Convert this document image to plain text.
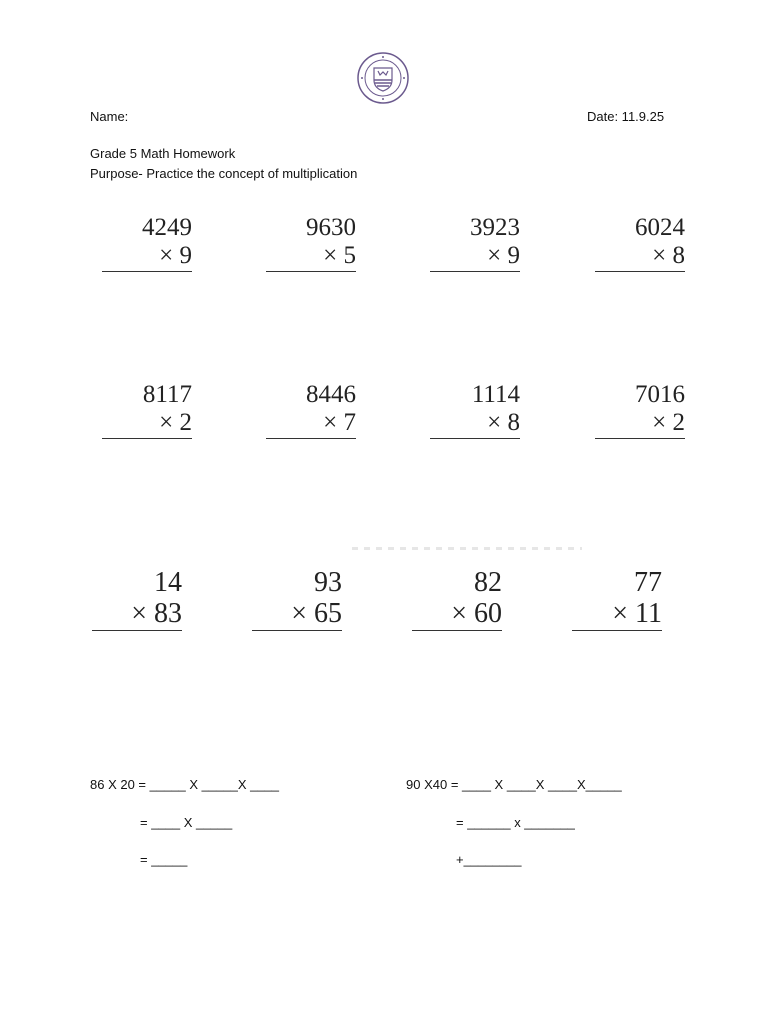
Name:	Date: 11.9.25
Grade 5 Math Homework
Purpose- Practice the concept of multiplication
4249
× 9
9630
× 5
3923
× 9
6024
× 8
8117
× 2
8446
× 7
1114
× 8
7016
× 2
14
× 83
93
× 65
82
× 60
77
× 11
86 X 20 = _____ X _____X ____
= ____ X _____
= _____
90 X40 = ____ X ____X ____X_____
= ______ x _______
+________
